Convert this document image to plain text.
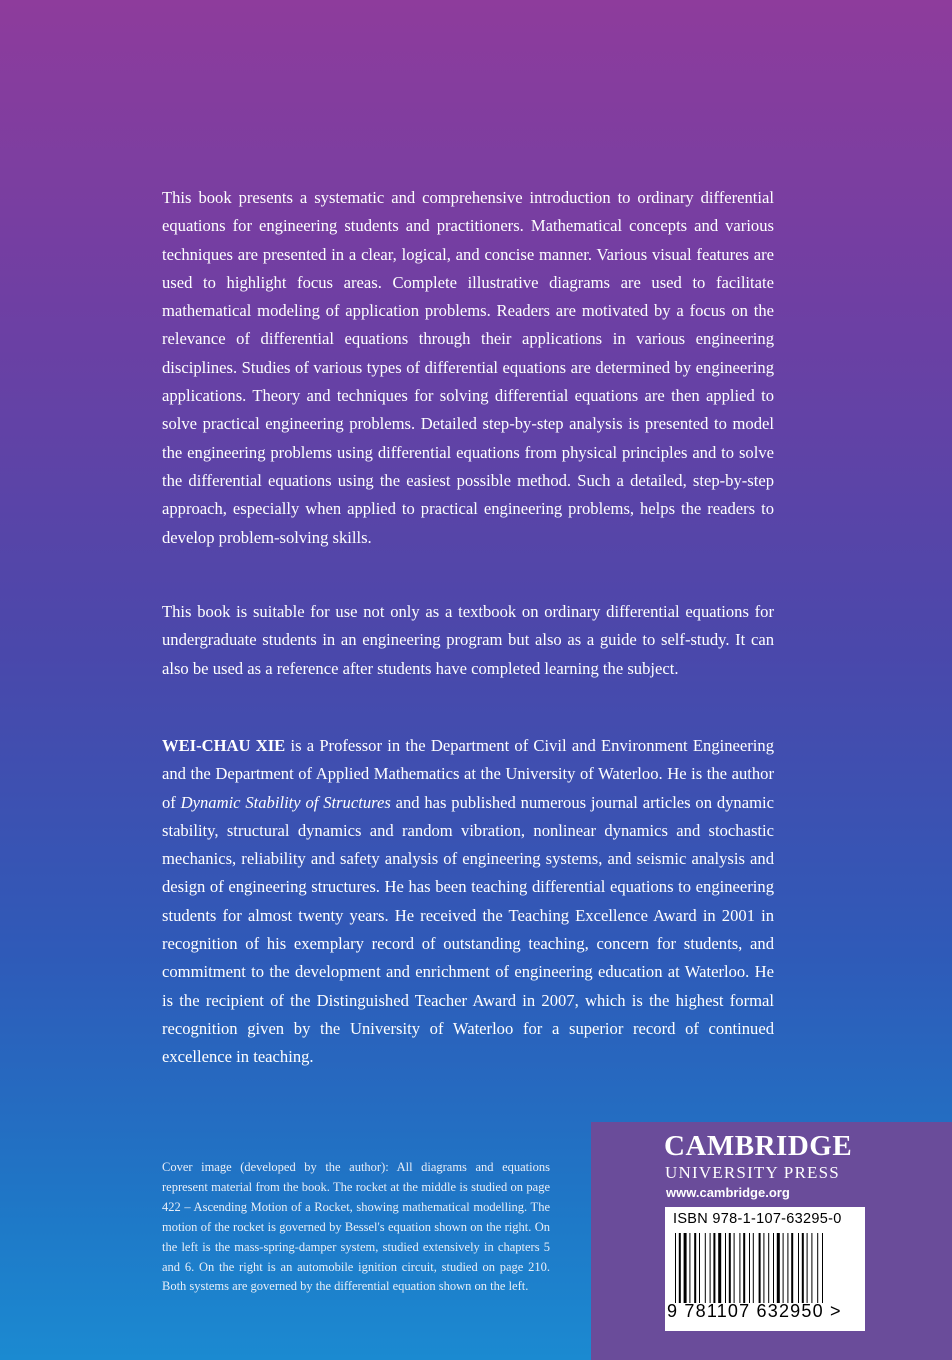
This book presents a systematic and comprehensive introduction to ordinary differential equations for engineering students and practitioners. Mathematical concepts and various techniques are presented in a clear, logical, and concise manner. Various visual features are used to highlight focus areas. Complete illustrative diagrams are used to facilitate mathematical modeling of application problems. Readers are motivated by a focus on the relevance of differential equations through their applications in various engineering disciplines. Studies of various types of differential equations are determined by engineering applications. Theory and techniques for solving differential equations are then applied to solve practical engineering problems. Detailed step-by-step analysis is presented to model the engineering problems using differential equations from physical principles and to solve the differential equations using the easiest possible method. Such a detailed, step-by-step approach, especially when applied to practical engineering problems, helps the readers to develop problem-solving skills.

This book is suitable for use not only as a textbook on ordinary differential equations for undergraduate students in an engineering program but also as a guide to self-study. It can also be used as a reference after students have completed learning the subject.

WEI-CHAU XIE is a Professor in the Department of Civil and Environment Engineering and the Department of Applied Mathematics at the University of Waterloo. He is the author of Dynamic Stability of Structures and has published numerous journal articles on dynamic stability, structural dynamics and random vibration, nonlinear dynamics and stochastic mechanics, reliability and safety analysis of engineering systems, and seismic analysis and design of engineering structures. He has been teaching differential equations to engineering students for almost twenty years. He received the Teaching Excellence Award in 2001 in recognition of his exemplary record of outstanding teaching, concern for students, and commitment to the development and enrichment of engineering education at Waterloo. He is the recipient of the Distinguished Teacher Award in 2007, which is the highest formal recognition given by the University of Waterloo for a superior record of continued excellence in teaching.

Cover image (developed by the author): All diagrams and equations represent material from the book. The rocket at the middle is studied on page 422 – Ascending Motion of a Rocket, showing mathematical modelling. The motion of the rocket is governed by Bessel's equation shown on the right. On the left is the mass-spring-damper system, studied extensively in chapters 5 and 6. On the right is an automobile ignition circuit, studied on page 210. Both systems are governed by the differential equation shown on the left.
CAMBRIDGE
UNIVERSITY PRESS
www.cambridge.org
ISBN 978-1-107-63295-0
9 781107 632950 >
